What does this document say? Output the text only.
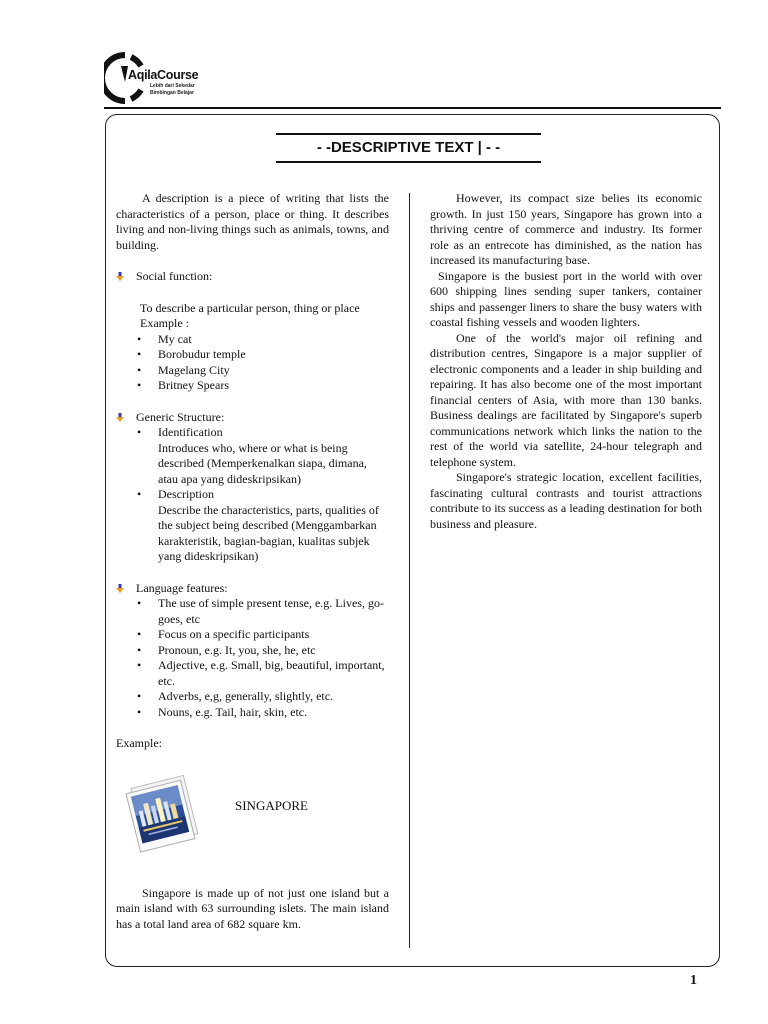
AqilaCourse
Lebih dari Sekedar
Bimbingan Belajar
- -DESCRIPTIVE TEXT | - -

A description is a piece of writing that lists the characteristics of a person, place or thing. It describes living and non-living things such as animals, towns, and building.

Social function:

To describe a particular person, thing or place

Example :

• My cat
• Borobudur temple
• Magelang City
• Britney Spears
Generic Structure:
• Identification
Introduces who, where or what is being described (Memperkenalkan siapa, dimana, atau apa yang dideskripsikan)
• Description
Describe the characteristics, parts, qualities of the subject being described (Menggambarkan karakteristik, bagian-bagian, kualitas subjek yang dideskripsikan)
Language features:
• The use of simple present tense, e.g. Lives, go-goes, etc
• Focus on a specific participants
• Pronoun, e.g. It, you, she, he, etc
• Adjective, e.g. Small, big, beautiful, important, etc.
• Adverbs, e,g, generally, slightly, etc.
• Nouns, e.g. Tail, hair, skin, etc.

Example:

SINGAPORE

Singapore is made up of not just one island but a main island with 63 surrounding islets. The main island has a total land area of 682 square km.

However, its compact size belies its economic growth. In just 150 years, Singapore has grown into a thriving centre of commerce and industry. Its former role as an entrecote has diminished, as the nation has increased its manufacturing base.

Singapore is the busiest port in the world with over 600 shipping lines sending super tankers, container ships and passenger liners to share the busy waters with coastal fishing vessels and wooden lighters.

One of the world's major oil refining and distribution centres, Singapore is a major supplier of electronic components and a leader in ship building and repairing. It has also become one of the most important financial centers of Asia, with more than 130 banks. Business dealings are facilitated by Singapore's superb communications network which links the nation to the rest of the world via satellite, 24-hour telegraph and telephone system.

Singapore's strategic location, excellent facilities, fascinating cultural contrasts and tourist attractions contribute to its success as a leading destination for both business and pleasure.

1
